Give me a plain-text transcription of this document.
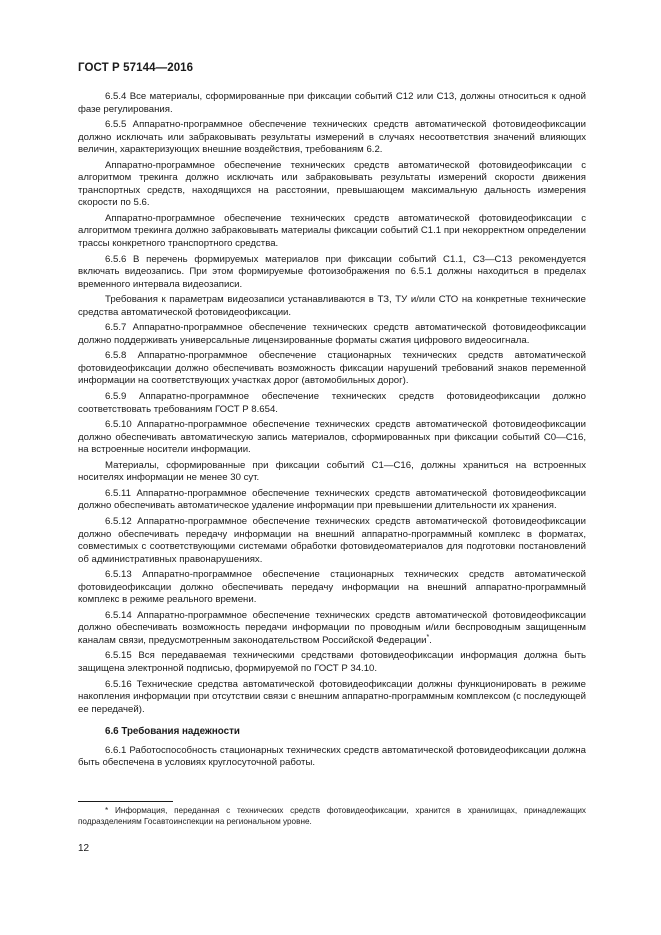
ГОСТ Р 57144—2016

6.5.4 Все материалы, сформированные при фиксации событий С12 или С13, должны относиться к одной фазе регулирования.

6.5.5 Аппаратно-программное обеспечение технических средств автоматической фотовидеофиксации должно исключать или забраковывать результаты измерений в случаях несоответствия значений влияющих величин, характеризующих внешние воздействия, требованиям 6.2.

Аппаратно-программное обеспечение технических средств автоматической фотовидеофиксации с алгоритмом трекинга должно исключать или забраковывать результаты измерений скорости движения транспортных средств, находящихся на расстоянии, превышающем максимальную дальность измерения скорости по 5.6.

Аппаратно-программное обеспечение технических средств автоматической фотовидеофиксации с алгоритмом трекинга должно забраковывать материалы фиксации событий С1.1 при некорректном определении трассы конкретного транспортного средства.

6.5.6 В перечень формируемых материалов при фиксации событий С1.1, С3—С13 рекомендуется включать видеозапись. При этом формируемые фотоизображения по 6.5.1 должны находиться в пределах временного интервала видеозаписи.

Требования к параметрам видеозаписи устанавливаются в ТЗ, ТУ и/или СТО на конкретные технические средства автоматической фотовидеофиксации.

6.5.7 Аппаратно-программное обеспечение технических средств автоматической фотовидеофиксации должно поддерживать универсальные лицензированные форматы сжатия цифрового видеосигнала.

6.5.8 Аппаратно-программное обеспечение стационарных технических средств автоматической фотовидеофиксации должно обеспечивать возможность фиксации нарушений требований знаков переменной информации на соответствующих участках дорог (автомобильных дорог).

6.5.9 Аппаратно-программное обеспечение технических средств фотовидеофиксации должно соответствовать требованиям ГОСТ Р 8.654.

6.5.10 Аппаратно-программное обеспечение технических средств автоматической фотовидеофиксации должно обеспечивать автоматическую запись материалов, сформированных при фиксации событий С0—С16, на встроенные носители информации.

Материалы, сформированные при фиксации событий С1—С16, должны храниться на встроенных носителях информации не менее 30 сут.

6.5.11 Аппаратно-программное обеспечение технических средств автоматической фотовидеофиксации должно обеспечивать автоматическое удаление информации при превышении длительности их хранения.

6.5.12 Аппаратно-программное обеспечение технических средств автоматической фотовидеофиксации должно обеспечивать передачу информации на внешний аппаратно-программный комплекс в форматах, совместимых с соответствующими системами обработки фотовидеоматериалов для подготовки постановлений об административных правонарушениях.

6.5.13 Аппаратно-программное обеспечение стационарных технических средств автоматической фотовидеофиксации должно обеспечивать передачу информации на внешний аппаратно-программный комплекс в режиме реального времени.

6.5.14 Аппаратно-программное обеспечение технических средств автоматической фотовидеофиксации должно обеспечивать возможность передачи информации по проводным и/или беспроводным защищенным каналам связи, предусмотренным законодательством Российской Федерации*.

6.5.15 Вся передаваемая техническими средствами фотовидеофиксации информация должна быть защищена электронной подписью, формируемой по ГОСТ Р 34.10.

6.5.16 Технические средства автоматической фотовидеофиксации должны функционировать в режиме накопления информации при отсутствии связи с внешним аппаратно-программным комплексом (с последующей ее передачей).

6.6 Требования надежности

6.6.1 Работоспособность стационарных технических средств автоматической фотовидеофиксации должна быть обеспечена в условиях круглосуточной работы.

* Информация, переданная с технических средств фотовидеофиксации, хранится в хранилищах, принадлежащих подразделениям Госавтоинспекции на региональном уровне.

12
